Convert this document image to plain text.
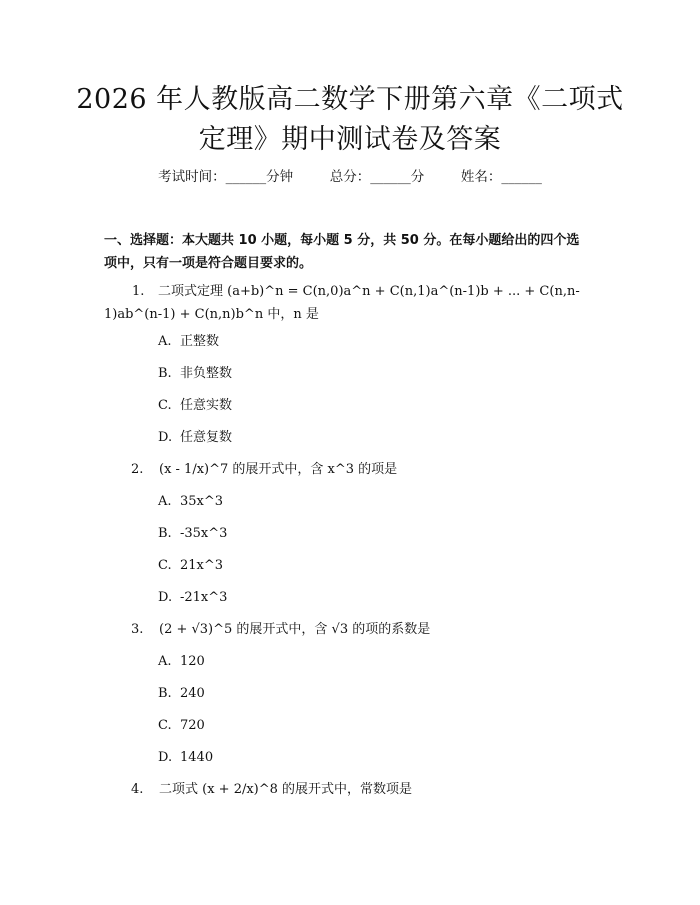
2026 年人教版高二数学下册第六章《二项式
定理》期中测试卷及答案
考试时间：______分钟	总分：______分	姓名：______
一、选择题：本大题共 10 小题，每小题 5 分，共 50 分。在每小题给出的四个选
项中，只有一项是符合题目要求的。
1. 二项式定理 (a+b)^n = C(n,0)a^n + C(n,1)a^(n-1)b + ... + C(n,n-
1)ab^(n-1) + C(n,n)b^n 中，n 是
A. 正整数
B. 非负整数
C. 任意实数
D. 任意复数
2. (x - 1/x)^7 的展开式中，含 x^3 的项是
A. 35x^3
B. -35x^3
C. 21x^3
D. -21x^3
3. (2 + √3)^5 的展开式中，含 √3 的项的系数是
A. 120
B. 240
C. 720
D. 1440
4. 二项式 (x + 2/x)^8 的展开式中，常数项是
